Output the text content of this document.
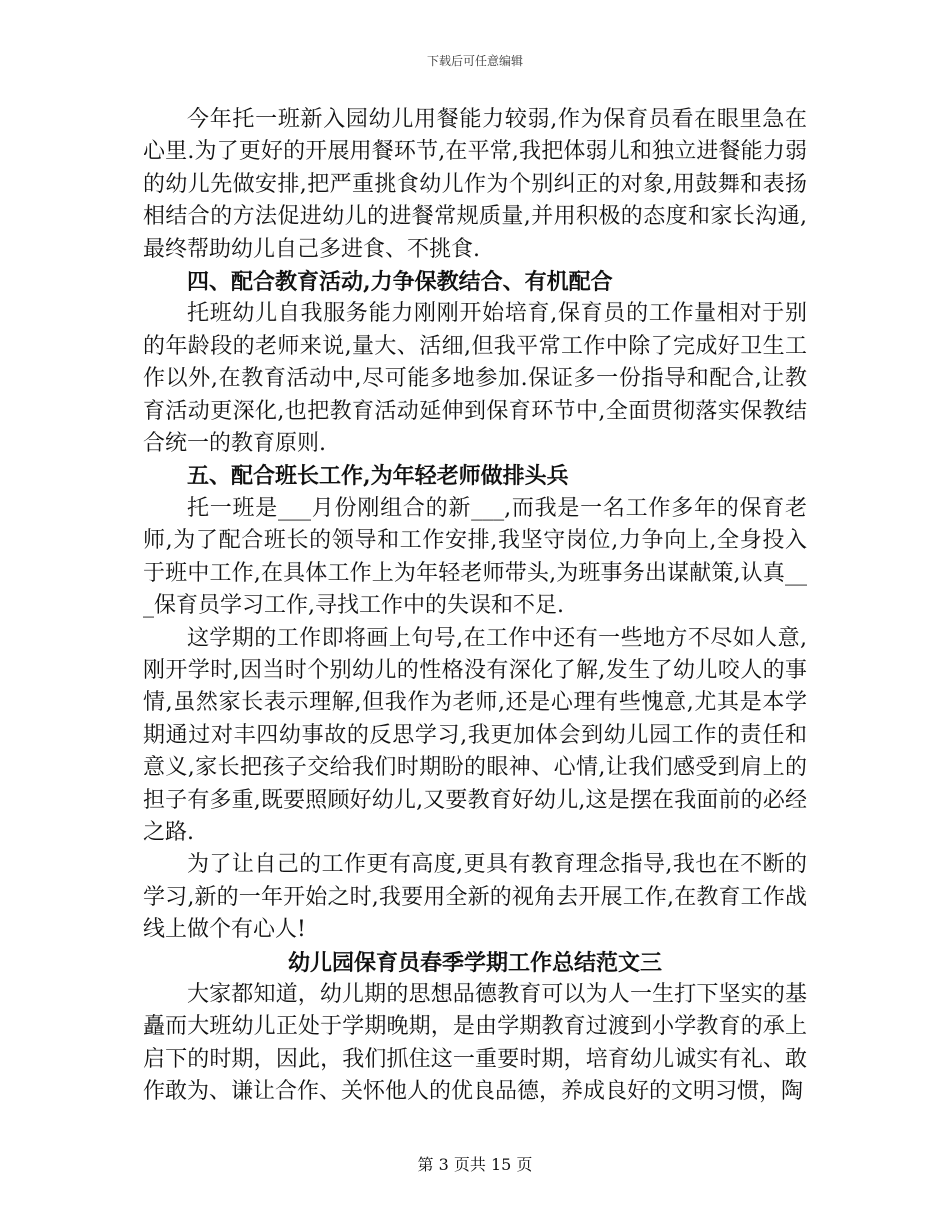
下载后可任意编辑

今年托一班新入园幼儿用餐能力较弱,作为保育员看在眼里急在心里.为了更好的开展用餐环节,在平常,我把体弱儿和独立进餐能力弱的幼儿先做安排,把严重挑食幼儿作为个别纠正的对象,用鼓舞和表扬相结合的方法促进幼儿的进餐常规质量,并用积极的态度和家长沟通,最终帮助幼儿自己多进食、不挑食.

四、配合教育活动,力争保教结合、有机配合

托班幼儿自我服务能力刚刚开始培育,保育员的工作量相对于别的年龄段的老师来说,量大、活细,但我平常工作中除了完成好卫生工作以外,在教育活动中,尽可能多地参加.保证多一份指导和配合,让教育活动更深化,也把教育活动延伸到保育环节中,全面贯彻落实保教结合统一的教育原则.

五、配合班长工作,为年轻老师做排头兵

托一班是___月份刚组合的新___,而我是一名工作多年的保育老师,为了配合班长的领导和工作安排,我坚守岗位,力争向上,全身投入于班中工作,在具体工作上为年轻老师带头,为班事务出谋献策,认真___保育员学习工作,寻找工作中的失误和不足.

这学期的工作即将画上句号,在工作中还有一些地方不尽如人意,刚开学时,因当时个别幼儿的性格没有深化了解,发生了幼儿咬人的事情,虽然家长表示理解,但我作为老师,还是心理有些愧意,尤其是本学期通过对丰四幼事故的反思学习,我更加体会到幼儿园工作的责任和意义,家长把孩子交给我们时期盼的眼神、心情,让我们感受到肩上的担子有多重,既要照顾好幼儿,又要教育好幼儿,这是摆在我面前的必经之路.

为了让自己的工作更有高度,更具有教育理念指导,我也在不断的学习,新的一年开始之时,我要用全新的视角去开展工作,在教育工作战线上做个有心人!

幼儿园保育员春季学期工作总结范文三

大家都知道，幼儿期的思想品德教育可以为人一生打下坚实的基矗而大班幼儿正处于学期晚期，是由学期教育过渡到小学教育的承上启下的时期，因此，我们抓住这一重要时期，培育幼儿诚实有礼、敢作敢为、谦让合作、关怀他人的优良品德，养成良好的文明习惯，陶

第 3 页共 15 页
